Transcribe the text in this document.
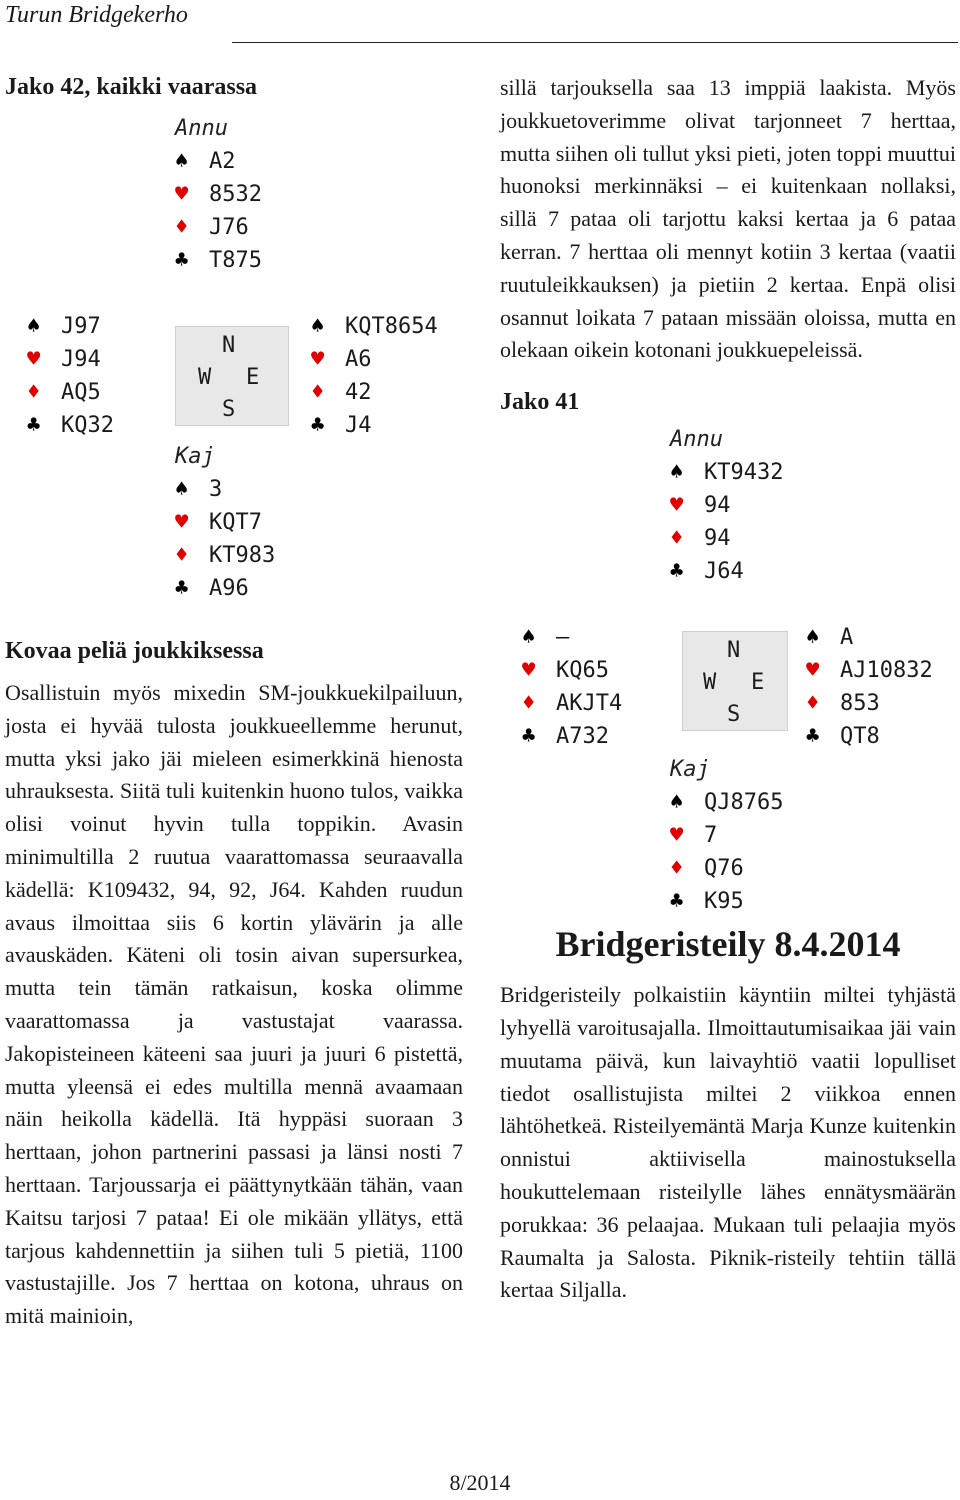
Turun Bridgekerho
Jako 42, kaikki vaarassa
Annu
♠ A2
♥ 8532
♦ J76
♣ T875
♠ J97
♥ J94
♦ AQ5
♣ KQ32
N
W E
S
♠ KQT8654
♥ A6
♦ 42
♣ J4
Kaj
♠ 3
♥ KQT7
♦ KT983
♣ A96
Kovaa peliä joukkiksessa

Osallistuin myös mixedin SM-joukkuekilpailuun, josta ei hyvää tulosta joukkueellemme herunut, mutta yksi jako jäi mieleen esimerkkinä hienosta uhrauksesta. Siitä tuli kuitenkin huono tulos, vaikka olisi voinut hyvin tulla toppikin. Avasin minimultilla 2 ruutua vaarattomassa seuraavalla kädellä: K109432, 94, 92, J64. Kahden ruudun avaus ilmoittaa siis 6 kortin ylävärin ja alle avauskäden. Käteni oli tosin aivan supersurkea, mutta tein tämän ratkaisun, koska olimme vaarattomassa ja vastustajat vaarassa. Jakopisteineen käteeni saa juuri ja juuri 6 pistettä, mutta yleensä ei edes multilla mennä avaamaan näin heikolla kädellä. Itä hyppäsi suoraan 3 herttaan, johon partnerini passasi ja länsi nosti 7 herttaan. Tarjoussarja ei päättynytkään tähän, vaan Kaitsu tarjosi 7 pataa! Ei ole mikään yllätys, että tarjous kahdennettiin ja siihen tuli 5 pietiä, 1100 vastustajille. Jos 7 herttaa on kotona, uhraus on mitä mainioin,

sillä tarjouksella saa 13 imppiä laakista. Myös joukkuetoverimme olivat tarjonneet 7 herttaa, mutta siihen oli tullut yksi pieti, joten toppi muuttui huonoksi merkinnäksi – ei kuitenkaan nollaksi, sillä 7 pataa oli tarjottu kaksi kertaa ja 6 pataa kerran. 7 herttaa oli mennyt kotiin 3 kertaa (vaatii ruutuleikkauksen) ja pietiin 2 kertaa. Enpä olisi osannut loikata 7 pataan missään oloissa, mutta en olekaan oikein kotonani joukkuepeleissä.

Jako 41
Annu
♠ KT9432
♥ 94
♦ 94
♣ J64
♠ –
♥ KQ65
♦ AKJT4
♣ A732
N
W E
S
♠ A
♥ AJ10832
♦ 853
♣ QT8
Kaj
♠ QJ8765
♥ 7
♦ Q76
♣ K95
Bridgeristeily 8.4.2014

Bridgeristeily polkaistiin käyntiin miltei tyhjästä lyhyellä varoitusajalla. Ilmoittautumisaikaa jäi vain muutama päivä, kun laivayhtiö vaatii lopulliset tiedot osallistujista miltei 2 viikkoa ennen lähtöhetkeä. Risteilyemäntä Marja Kunze kuitenkin onnistui aktiivisella mainostuksella houkuttelemaan risteilylle lähes ennätysmäärän porukkaa: 36 pelaajaa. Mukaan tuli pelaajia myös Raumalta ja Salosta. Piknik-risteily tehtiin tällä kertaa Siljalla.

8/2014
